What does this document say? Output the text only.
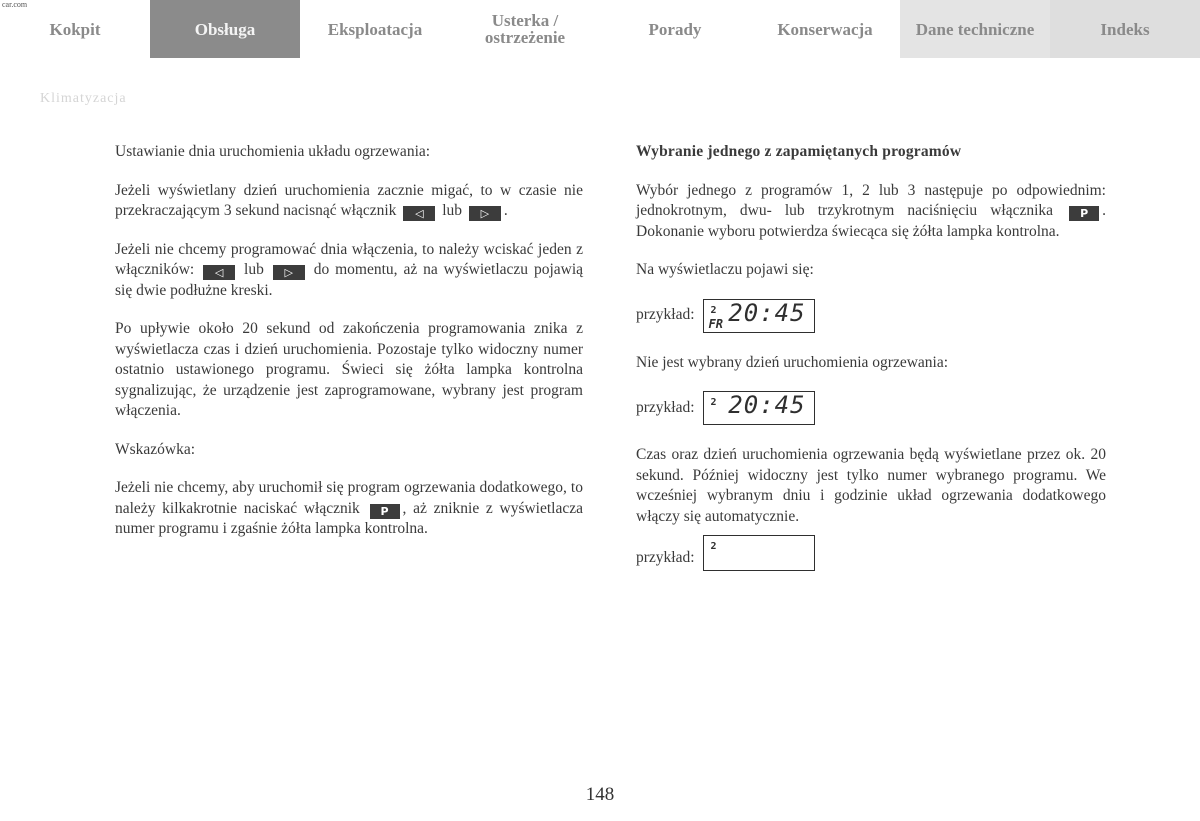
car.com
Kokpit	Obsługa	Eksploatacja	Usterka / ostrzeżenie	Porady	Konserwacja	Dane techniczne	Indeks
Klimatyzacja

Ustawianie dnia uruchomienia układu ogrzewania:

Jeżeli wyświetlany dzień uruchomienia zacznie migać, to w czasie nie przekraczającym 3 sekund nacisnąć włącznik ◁ lub ▷ .

Jeżeli nie chcemy programować dnia włączenia, to należy wciskać jeden z włączników: ◁ lub ▷ do momentu, aż na wyświetlaczu pojawią się dwie podłużne kreski.

Po upływie około 20 sekund od zakończenia programowania znika z wyświetlacza czas i dzień uruchomienia. Pozostaje tylko widoczny numer ostatnio ustawionego programu. Świeci się żółta lampka kontrolna sygnalizując, że urządzenie jest zaprogramowane, wybrany jest program włączenia.

Wskazówka:

Jeżeli nie chcemy, aby uruchomił się program ogrzewania dodatkowego, to należy kilkakrotnie naciskać włącznik P , aż zniknie z wyświetlacza numer programu i zgaśnie żółta lampka kontrolna.

Wybranie jednego z zapamiętanych programów

Wybór jednego z programów 1, 2 lub 3 następuje po odpowiednim: jednokrotnym, dwu- lub trzykrotnym naciśnięciu włącznika P . Dokonanie wyboru potwierdza świecąca się żółta lampka kontrolna.

Na wyświetlaczu pojawi się:

przykład: 2
FR 20:45

Nie jest wybrany dzień uruchomienia ogrzewania:

przykład: 2 20:45

Czas oraz dzień uruchomienia ogrzewania będą wyświetlane przez ok. 20 sekund. Później widoczny jest tylko numer wybranego programu. We wcześniej wybranym dniu i godzinie układ ogrzewania dodatkowego włączy się automatycznie.

przykład:
2
148
